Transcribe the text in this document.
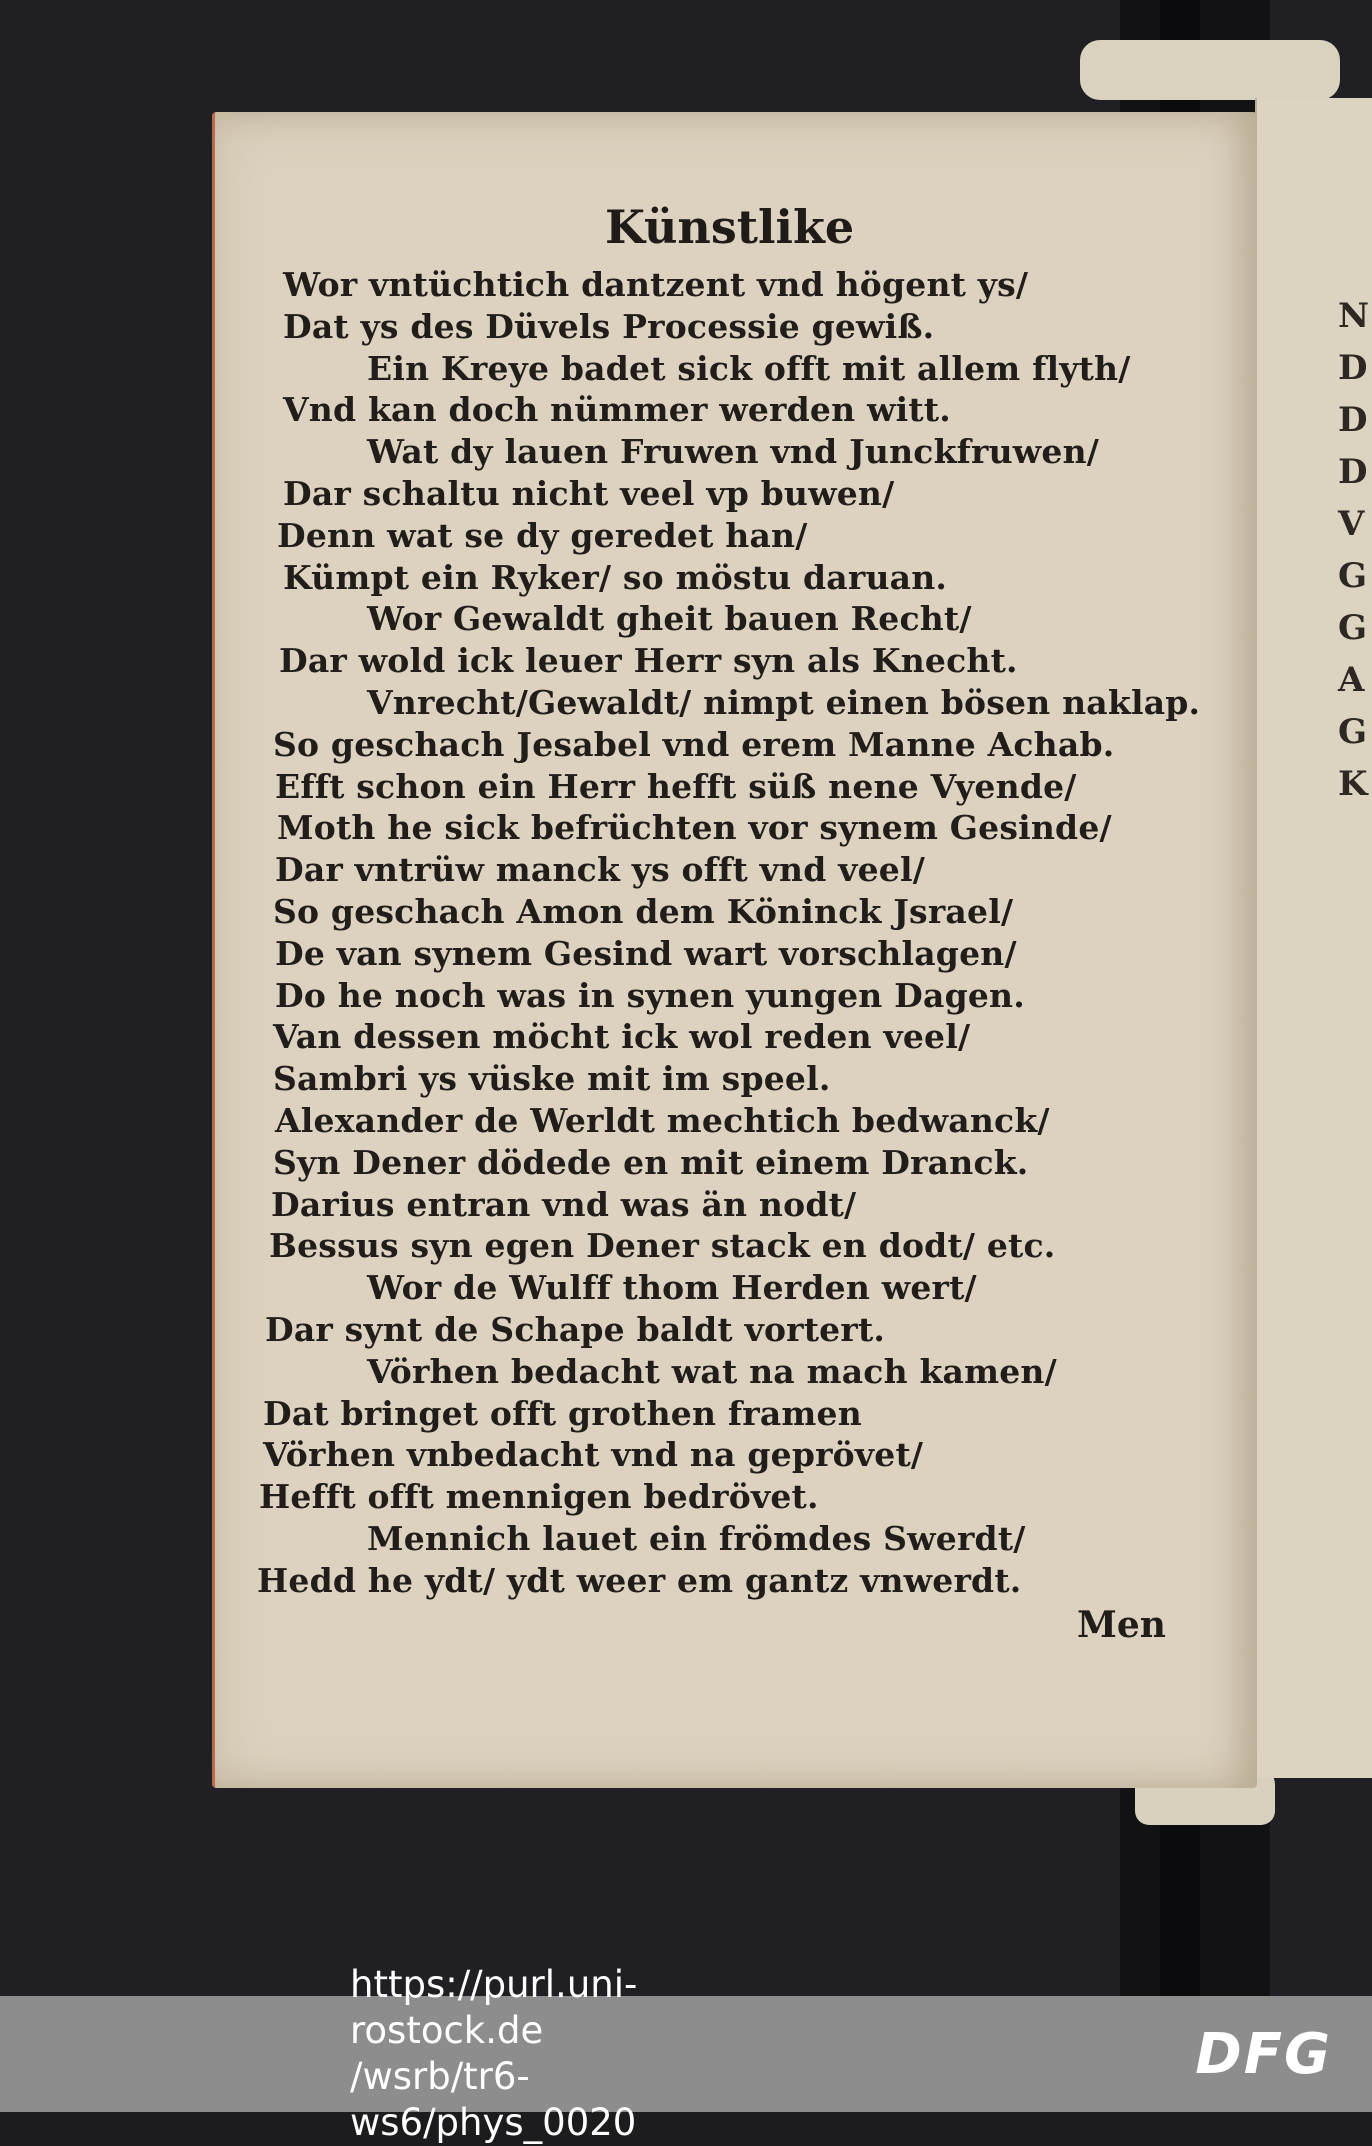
N
D
D
D
V
G
G
A
G
K
Künstlike
Wor vntüchtich dantzent vnd högent ys/
Dat ys des Düvels Processie gewiß.
Ein Kreye badet sick offt mit allem flyth/
Vnd kan doch nümmer werden witt.
Wat dy lauen Fruwen vnd Junckfruwen/
Dar schaltu nicht veel vp buwen/
Denn wat se dy geredet han/
Kümpt ein Ryker/ so möstu daruan.
Wor Gewaldt gheit bauen Recht/
Dar wold ick leuer Herr syn als Knecht.
Vnrecht/Gewaldt/ nimpt einen bösen naklap.
So geschach Jesabel vnd erem Manne Achab.
Efft schon ein Herr hefft süß nene Vyende/
Moth he sick befrüchten vor synem Gesinde/
Dar vntrüw manck ys offt vnd veel/
So geschach Amon dem Köninck Jsrael/
De van synem Gesind wart vorschlagen/
Do he noch was in synen yungen Dagen.
Van dessen möcht ick wol reden veel/
Sambri ys vüske mit im speel.
Alexander de Werldt mechtich bedwanck/
Syn Dener dödede en mit einem Dranck.
Darius entran vnd was än nodt/
Bessus syn egen Dener stack en dodt/ etc.
Wor de Wulff thom Herden wert/
Dar synt de Schape baldt vortert.
Vörhen bedacht wat na mach kamen/
Dat bringet offt grothen framen
Vörhen vnbedacht vnd na geprövet/
Hefft offt mennigen bedrövet.
Mennich lauet ein frömdes Swerdt/
Hedd he ydt/ ydt weer em gantz vnwerdt.
Men
https://purl.uni-rostock.de
/wsrb/tr6-ws6/phys_0020
DFG
